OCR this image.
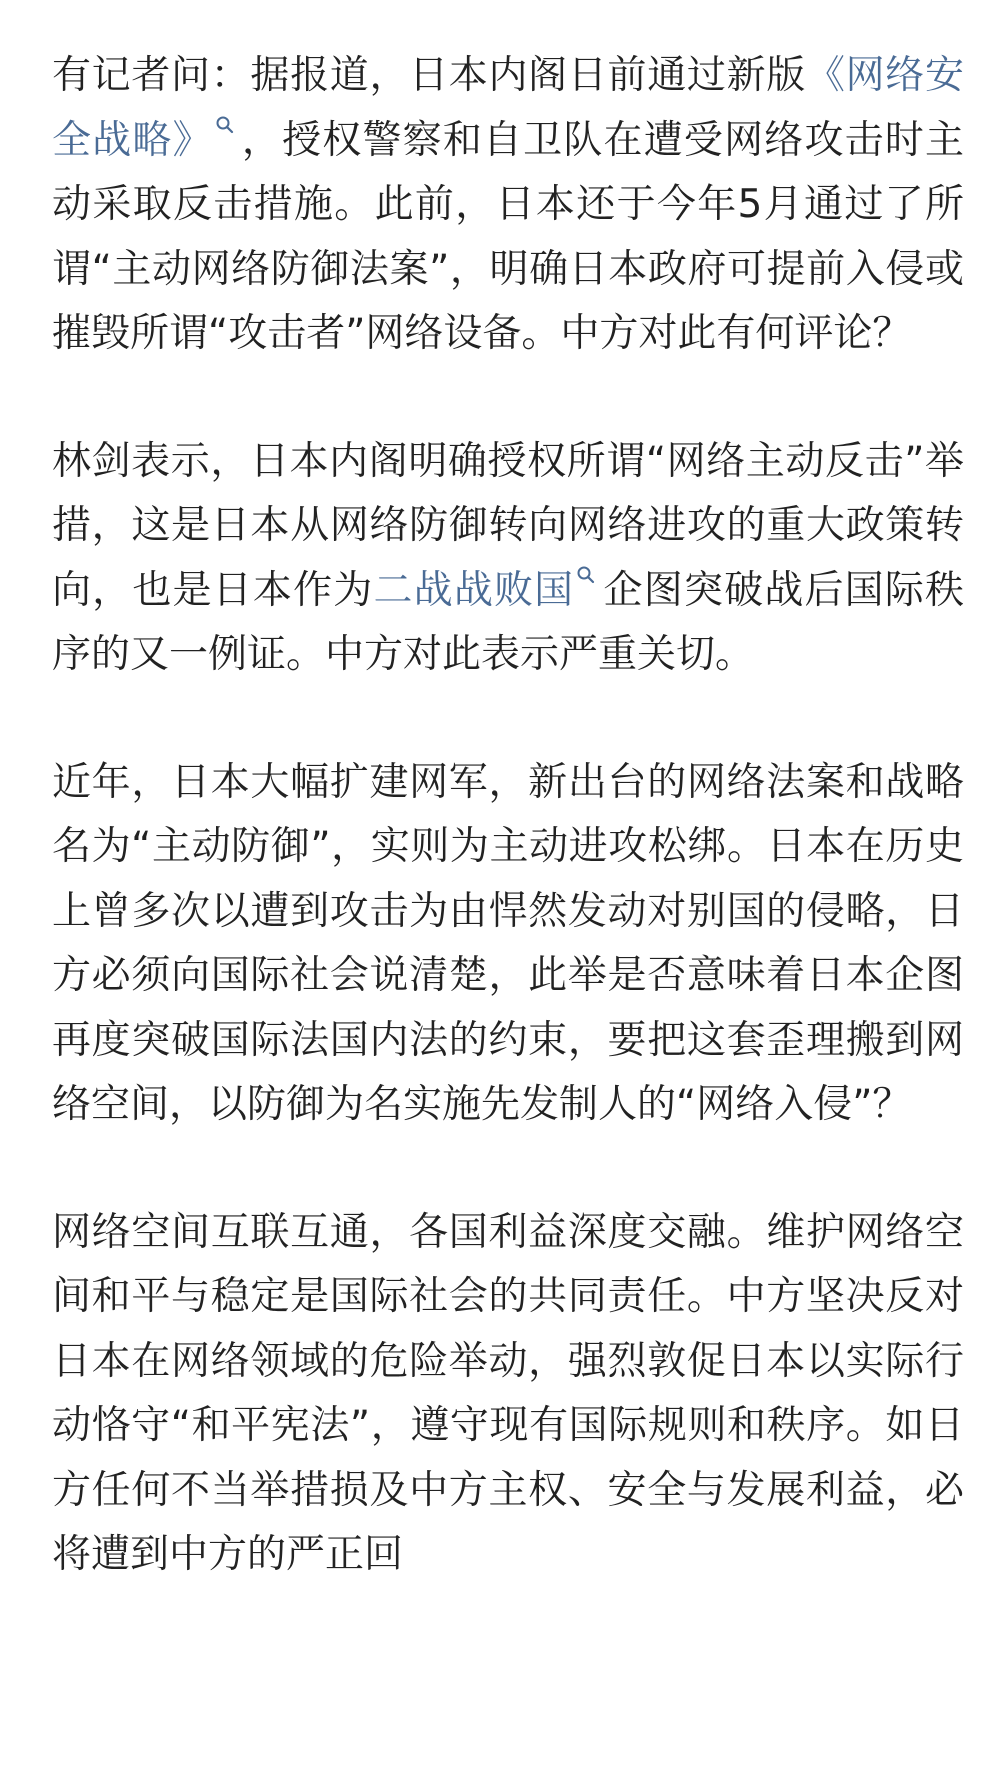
有记者问：据报道，日本内阁日前通过新版《网络安全战略》 ，授权警察和自卫队在遭受网络攻击时主动采取反击措施。此前，日本还于今年5月通过了所谓“主动网络防御法案”，明确日本政府可提前入侵或摧毁所谓“攻击者”网络设备。中方对此有何评论？

林剑表示，日本内阁明确授权所谓“网络主动反击”举措，这是日本从网络防御转向网络进攻的重大政策转向，也是日本作为二战战败国 企图突破战后国际秩序的又一例证。中方对此表示严重关切。

近年，日本大幅扩建网军，新出台的网络法案和战略名为“主动防御”，实则为主动进攻松绑。日本在历史上曾多次以遭到攻击为由悍然发动对别国的侵略，日方必须向国际社会说清楚，此举是否意味着日本企图再度突破国际法国内法的约束，要把这套歪理搬到网络空间，以防御为名实施先发制人的“网络入侵”？

网络空间互联互通，各国利益深度交融。维护网络空间和平与稳定是国际社会的共同责任。中方坚决反对日本在网络领域的危险举动，强烈敦促日本以实际行动恪守“和平宪法”，遵守现有国际规则和秩序。如日方任何不当举措损及中方主权、安全与发展利益，必将遭到中方的严正回
